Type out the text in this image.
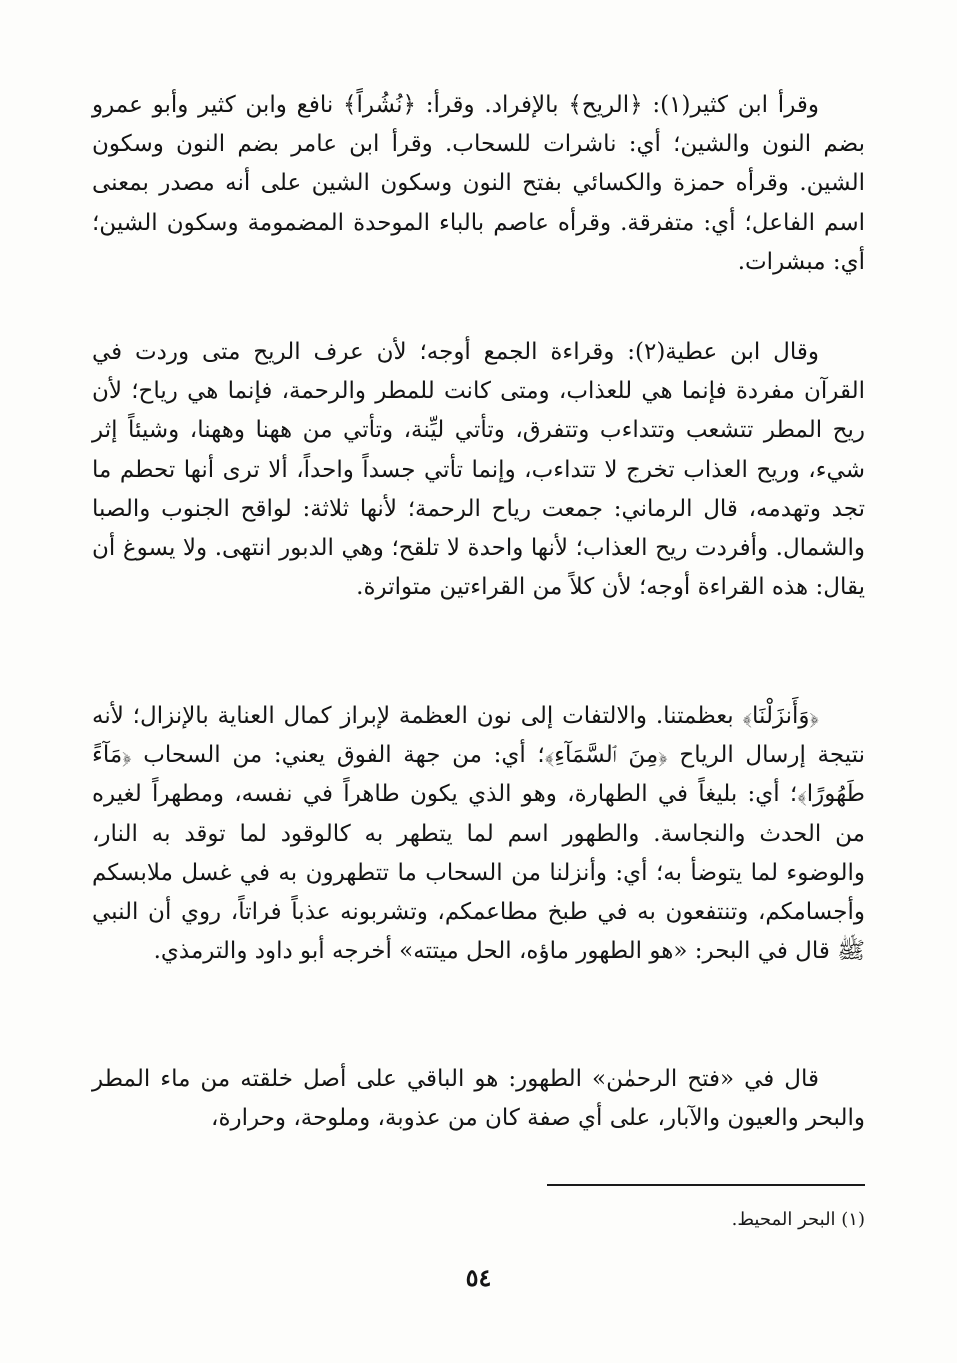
وقرأ ابن كثير(١): ﴿الريح﴾ بالإفراد. وقرأ: ﴿نُشُراً﴾ نافع وابن كثير وأبو عمرو بضم النون والشين؛ أي: ناشرات للسحاب. وقرأ ابن عامر بضم النون وسكون الشين. وقرأه حمزة والكسائي بفتح النون وسكون الشين على أنه مصدر بمعنى اسم الفاعل؛ أي: متفرقة. وقرأه عاصم بالباء الموحدة المضمومة وسكون الشين؛ أي: مبشرات.

وقال ابن عطية(٢): وقراءة الجمع أوجه؛ لأن عرف الريح متى وردت في القرآن مفردة فإنما هي للعذاب، ومتى كانت للمطر والرحمة، فإنما هي رياح؛ لأن ريح المطر تتشعب وتتداءب وتتفرق، وتأتي ليِّنة، وتأتي من ههنا وههنا، وشيئاً إثر شيء، وريح العذاب تخرج لا تتداءب، وإنما تأتي جسداً واحداً، ألا ترى أنها تحطم ما تجد وتهدمه، قال الرماني: جمعت رياح الرحمة؛ لأنها ثلاثة: لواقح الجنوب والصبا والشمال. وأفردت ريح العذاب؛ لأنها واحدة لا تلقح؛ وهي الدبور انتهى. ولا يسوغ أن يقال: هذه القراءة أوجه؛ لأن كلاً من القراءتين متواترة.

﴿وَأَنزَلْنَا﴾ بعظمتنا. والالتفات إلى نون العظمة لإبراز كمال العناية بالإنزال؛ لأنه نتيجة إرسال الرياح ﴿مِنَ ٱلسَّمَآءِ﴾؛ أي: من جهة الفوق يعني: من السحاب ﴿مَآءً طَهُورًا﴾؛ أي: بليغاً في الطهارة، وهو الذي يكون طاهراً في نفسه، ومطهراً لغيره من الحدث والنجاسة. والطهور اسم لما يتطهر به كالوقود لما توقد به النار، والوضوء لما يتوضأ به؛ أي: وأنزلنا من السحاب ما تتطهرون به في غسل ملابسكم وأجسامكم، وتنتفعون به في طبخ مطاعمكم، وتشربونه عذباً فراتاً، روي أن النبي ﷺ قال في البحر: «هو الطهور ماؤه، الحل ميتته» أخرجه أبو داود والترمذي.

قال في «فتح الرحمٰن» الطهور: هو الباقي على أصل خلقته من ماء المطر والبحر والعيون والآبار، على أي صفة كان من عذوبة، وملوحة، وحرارة،

(١) البحر المحيط.
٥٤
